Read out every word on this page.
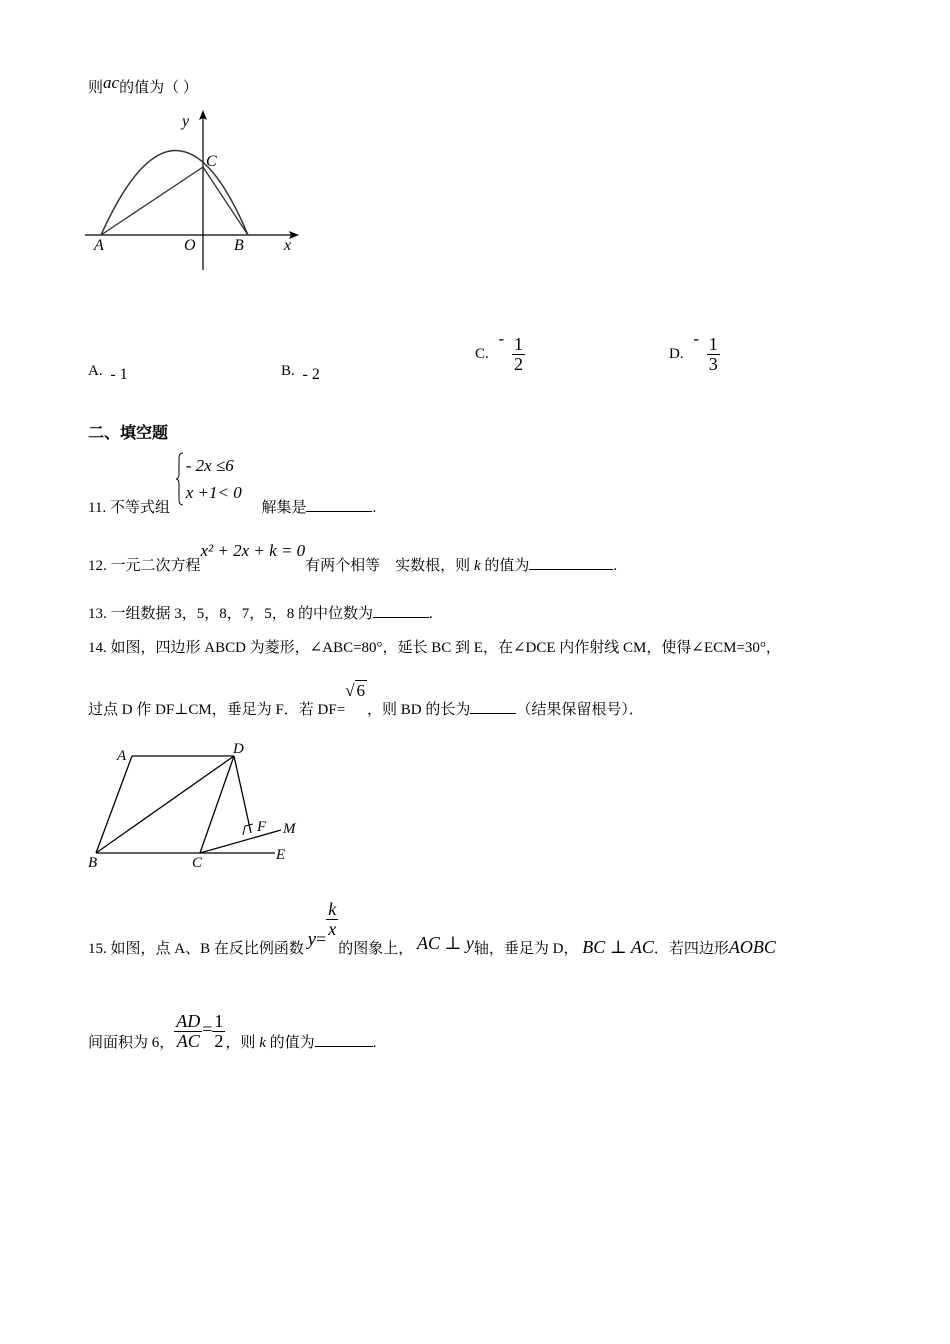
则ac的值为（ ）
y
C
A	O B	x
A. - 1	B. - 2
C. - $\frac{1}{2}$	D. - $\frac{1}{3}$
二、填空题
11. 不等式组
- 2x ≤6
x +1< 0
解集是	.
12. 一元二次方程x² + 2x + k = 0有两个相等　实数根，则 k 的值为	.
13. 一组数据 3，5，8，7，5，8 的中位数为	.
14. 如图，四边形 ABCD 为菱形，∠ABC=80°，延长 BC 到 E，在∠DCE 内作射线 CM，使得∠ECM=30°，
过点 D 作 DF⊥CM，垂足为 F．若 DF=√ 6，则 BD 的长为	（结果保留根号）．
A	D
F M
B	C	E
15. 如图，点 A、B 在反比例函数 y=
$\frac{k}{x}$
的图象上， AC ⊥ y轴，垂足为 D， BC ⊥ AC．若四边形AOBC
间面积为 6， $\frac{AD}{AC} = \frac{1}{2}$ ，则 k 的值为	.
